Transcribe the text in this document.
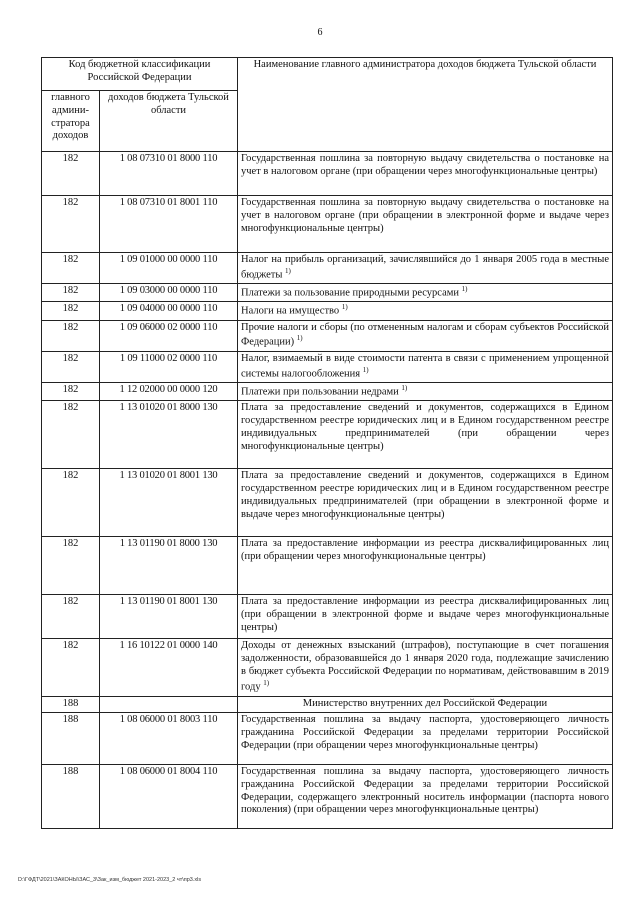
6
Код бюджетной классификации Российской Федерации		Наименование главного администратора доходов бюджета Тульской области
главного админи-стратора доходов	доходов бюджета Тульской области	
182	1 08 07310 01 8000 110	Государственная пошлина за повторную выдачу свидетельства о постановке на учет в налоговом органе (при обращении через многофункциональные центры)
182	1 08 07310 01 8001 110	Государственная пошлина за повторную выдачу свидетельства о постановке на учет в налоговом органе (при обращении в электронной форме и выдаче через многофункциональные центры)
182	1 09 01000 00 0000 110	Налог на прибыль организаций, зачислявшийся до 1 января 2005 года в местные бюджеты $^{1)}$
182	1 09 03000 00 0000 110	Платежи за пользование природными ресурсами $^{1)}$
182	1 09 04000 00 0000 110	Налоги на имущество $^{1)}$
182	1 09 06000 02 0000 110	Прочие налоги и сборы (по отмененным налогам и сборам субъектов Российской Федерации) $^{1)}$
182	1 09 11000 02 0000 110	Налог, взимаемый в виде стоимости патента в связи с применением упрощенной системы налогообложения $^{1)}$
182	1 12 02000 00 0000 120	Платежи при пользовании недрами $^{1)}$
182	1 13 01020 01 8000 130	Плата за предоставление сведений и документов, содержащихся в Едином государственном реестре юридических лиц и в Едином государственном реестре индивидуальных предпринимателей (при обращении через многофункциональные центры)
182	1 13 01020 01 8001 130	Плата за предоставление сведений и документов, содержащихся в Едином государственном реестре юридических лиц и в Едином государственном реестре индивидуальных предпринимателей (при обращении в электронной форме и выдаче через многофункциональные центры)
182	1 13 01190 01 8000 130	Плата за предоставление информации из реестра дисквалифицированных лиц (при обращении через многофункциональные центры)
182	1 13 01190 01 8001 130	Плата за предоставление информации из реестра дисквалифицированных лиц (при обращении в электронной форме и выдаче через многофункциональные центры)
182	1 16 10122 01 0000 140	Доходы от денежных взысканий (штрафов), поступающие в счет погашения задолженности, образовавшейся до 1 января 2020 года, подлежащие зачислению в бюджет субъекта Российской Федерации по нормативам, действовавшим в 2019 году $^{1)}$
188		Министерство внутренних дел Российской Федерации
188	1 08 06000 01 8003 110	Государственная пошлина за выдачу паспорта, удостоверяющего личность гражданина Российской Федерации за пределами территории Российской Федерации (при обращении через многофункциональные центры)
188	1 08 06000 01 8004 110	Государственная пошлина за выдачу паспорта, удостоверяющего личность гражданина Российской Федерации за пределами территории Российской Федерации, содержащего электронный носитель информации (паспорта нового поколения) (при обращении через многофункциональные центры)
D:\ГФДТ\2021\ЗАКОНЫ\ЗАС_3\Зак_изм_бюджет 2021-2023_2 чт\пр3.xls
